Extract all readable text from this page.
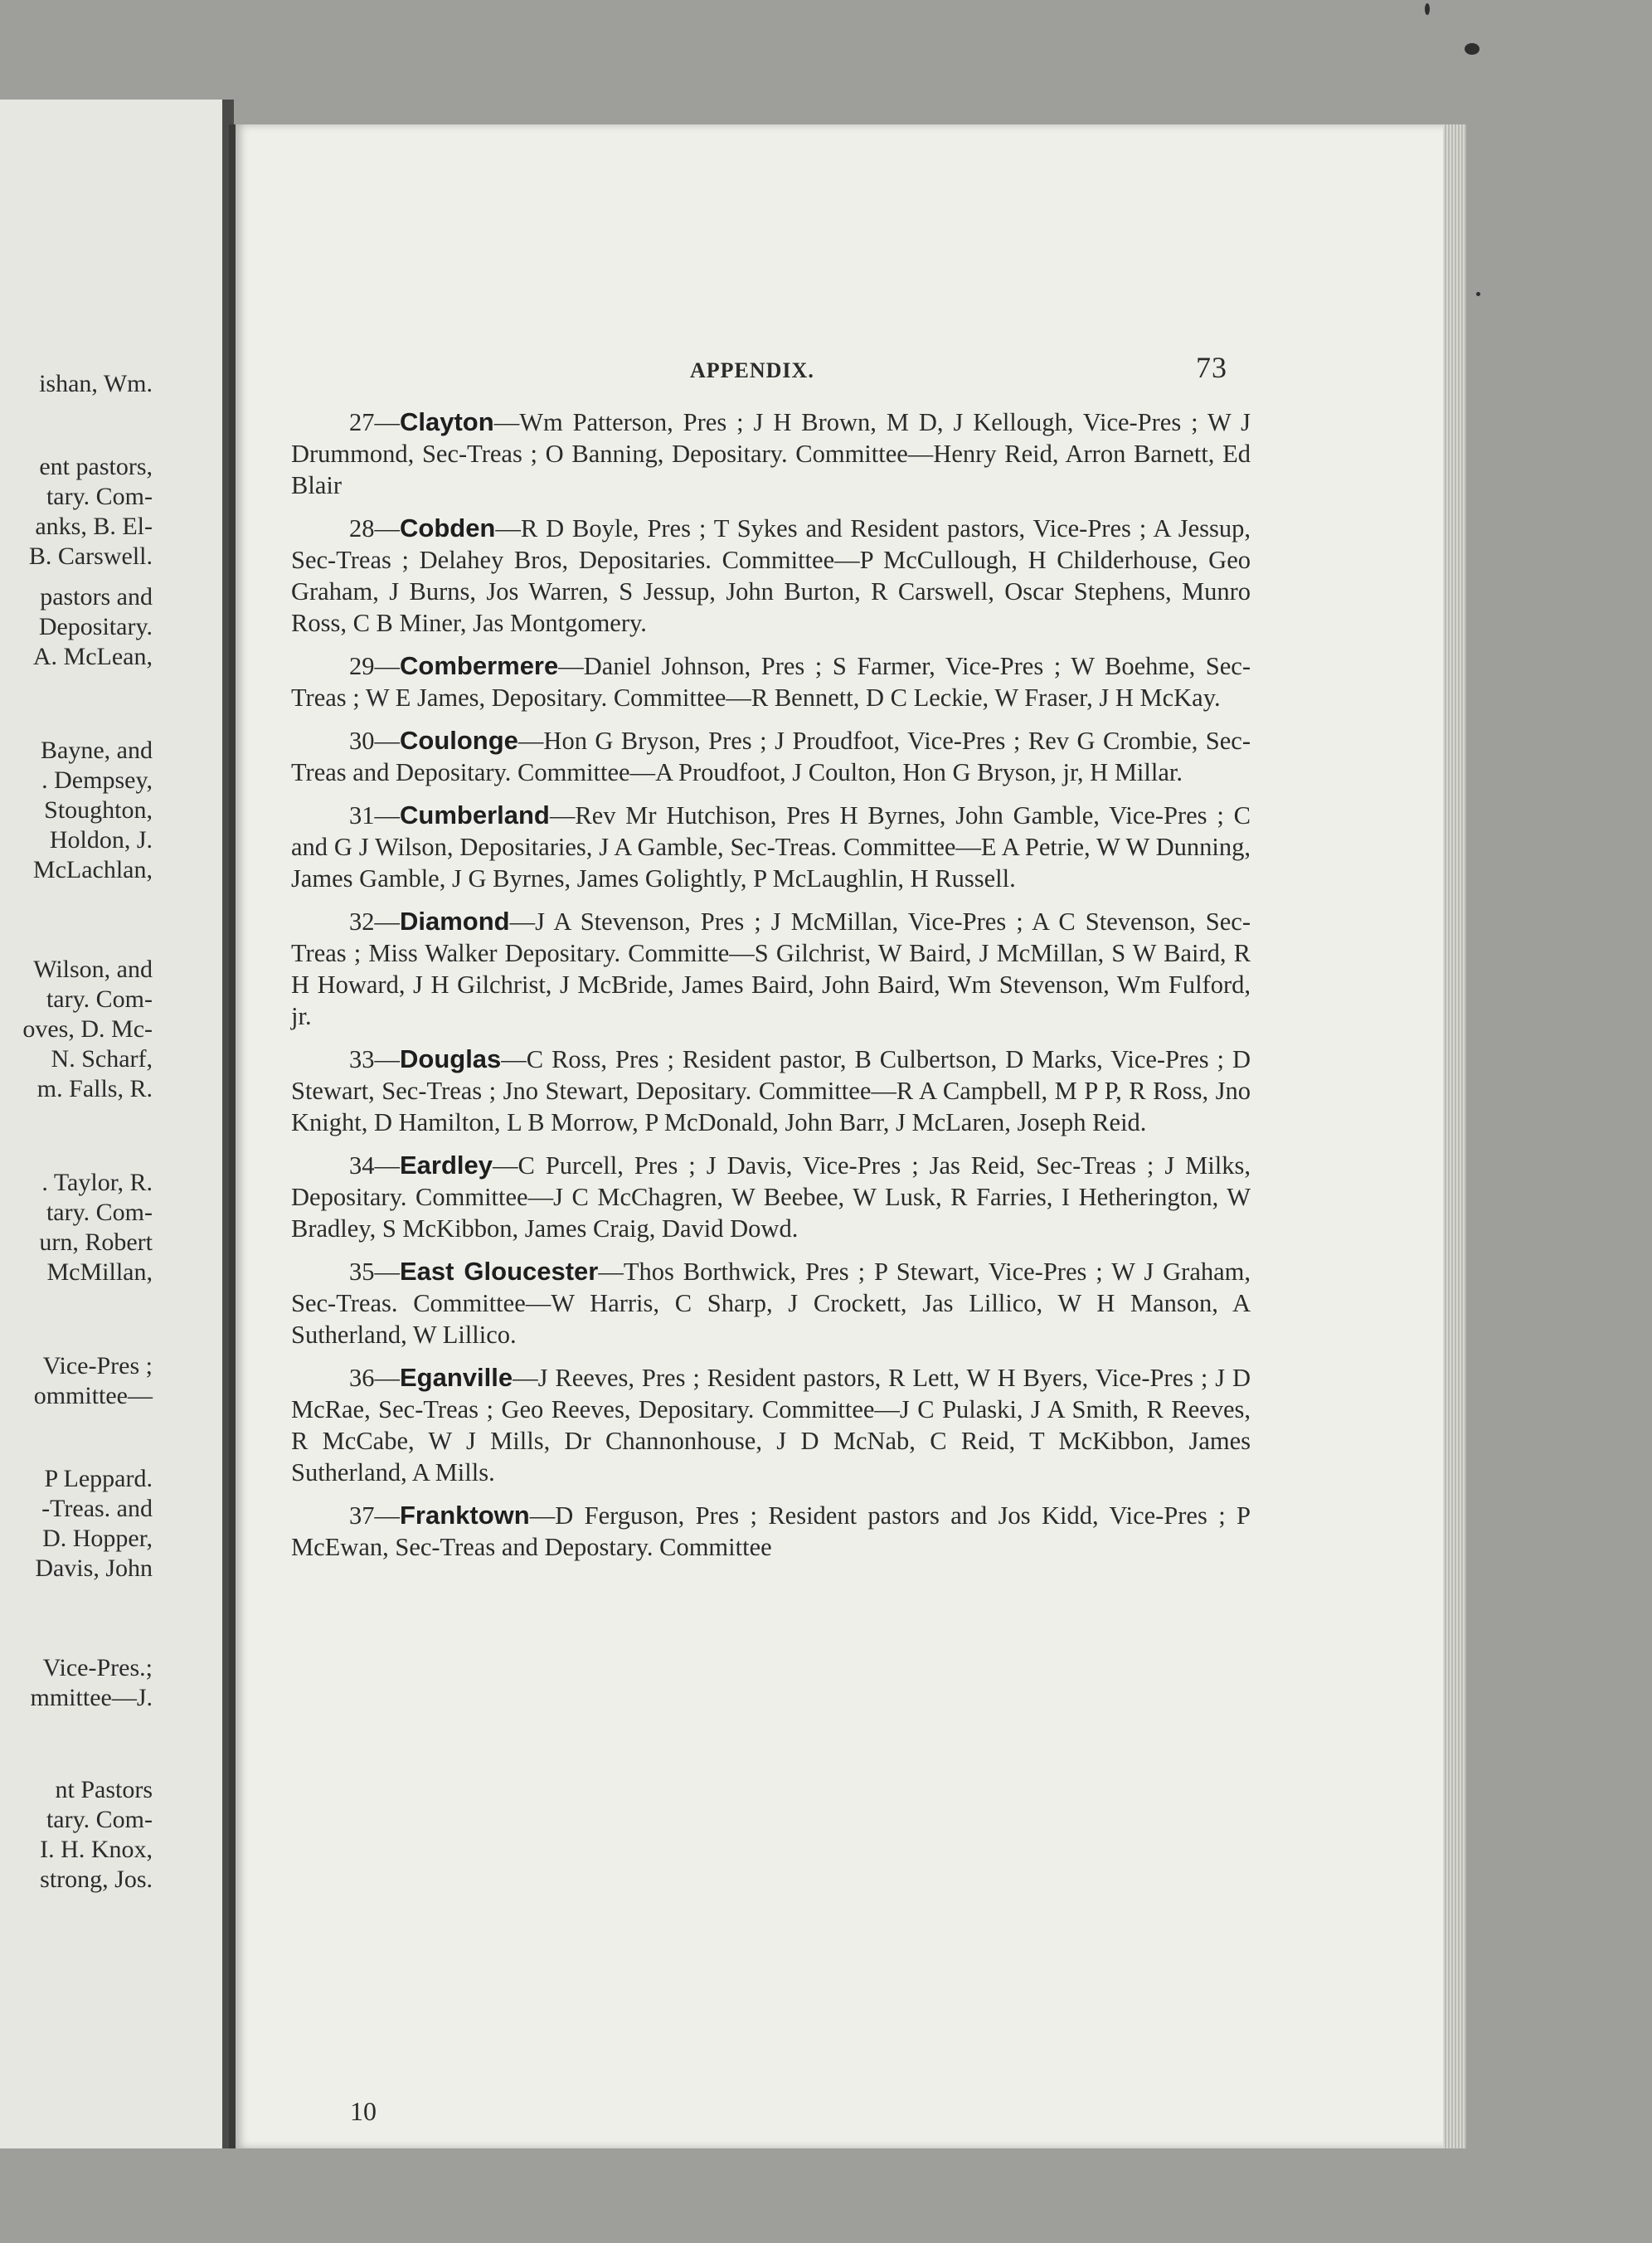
ishan, Wm.
ent pastors,
tary. Com-
anks, B. El-
B. Carswell.
pastors and
Depositary.
A. McLean,
Bayne, and
. Dempsey,
Stoughton,
Holdon, J.
McLachlan,
Wilson, and
tary. Com-
oves, D. Mc-
N. Scharf,
m. Falls, R.
. Taylor, R.
tary. Com-
urn, Robert
McMillan,
Vice-Pres ;
ommittee—
P Leppard.
-Treas. and
D. Hopper,
Davis, John
Vice-Pres.;
mmittee—J.
nt Pastors
tary. Com-
I. H. Knox,
strong, Jos.
APPENDIX.	73

27—Clayton—Wm Patterson, Pres ; J H Brown, M D, J Kellough, Vice-Pres ; W J Drummond, Sec-Treas ; O Banning, Depositary. Committee—Henry Reid, Arron Barnett, Ed Blair

28—Cobden—R D Boyle, Pres ; T Sykes and Resident pastors, Vice-Pres ; A Jessup, Sec-Treas ; Delahey Bros, Depositaries. Committee—P McCullough, H Childerhouse, Geo Graham, J Burns, Jos Warren, S Jessup, John Burton, R Carswell, Oscar Stephens, Munro Ross, C B Miner, Jas Montgomery.

29—Combermere—Daniel Johnson, Pres ; S Farmer, Vice-Pres ; W Boehme, Sec-Treas ; W E James, Depositary. Committee—R Bennett, D C Leckie, W Fraser, J H McKay.

30—Coulonge—Hon G Bryson, Pres ; J Proudfoot, Vice-Pres ; Rev G Crombie, Sec-Treas and Depositary. Committee—A Proudfoot, J Coulton, Hon G Bryson, jr, H Millar.

31—Cumberland—Rev Mr Hutchison, Pres H Byrnes, John Gamble, Vice-Pres ; C and G J Wilson, Depositaries, J A Gamble, Sec-Treas. Committee—E A Petrie, W W Dunning, James Gamble, J G Byrnes, James Golightly, P McLaughlin, H Russell.

32—Diamond—J A Stevenson, Pres ; J McMillan, Vice-Pres ; A C Stevenson, Sec-Treas ; Miss Walker Depositary. Committe—S Gilchrist, W Baird, J McMillan, S W Baird, R H Howard, J H Gilchrist, J McBride, James Baird, John Baird, Wm Stevenson, Wm Fulford, jr.

33—Douglas—C Ross, Pres ; Resident pastor, B Culbertson, D Marks, Vice-Pres ; D Stewart, Sec-Treas ; Jno Stewart, Depositary. Committee—R A Campbell, M P P, R Ross, Jno Knight, D Hamilton, L B Morrow, P McDonald, John Barr, J McLaren, Joseph Reid.

34—Eardley—C Purcell, Pres ; J Davis, Vice-Pres ; Jas Reid, Sec-Treas ; J Milks, Depositary. Committee—J C McChagren, W Beebee, W Lusk, R Farries, I Hetherington, W Bradley, S McKibbon, James Craig, David Dowd.

35—East Gloucester—Thos Borthwick, Pres ; P Stewart, Vice-Pres ; W J Graham, Sec-Treas. Committee—W Harris, C Sharp, J Crockett, Jas Lillico, W H Manson, A Sutherland, W Lillico.

36—Eganville—J Reeves, Pres ; Resident pastors, R Lett, W H Byers, Vice-Pres ; J D McRae, Sec-Treas ; Geo Reeves, Depositary. Committee—J C Pulaski, J A Smith, R Reeves, R McCabe, W J Mills, Dr Channonhouse, J D McNab, C Reid, T McKibbon, James Sutherland, A Mills.

37—Franktown—D Ferguson, Pres ; Resident pastors and Jos Kidd, Vice-Pres ; P McEwan, Sec-Treas and Depostary. Committee

10
